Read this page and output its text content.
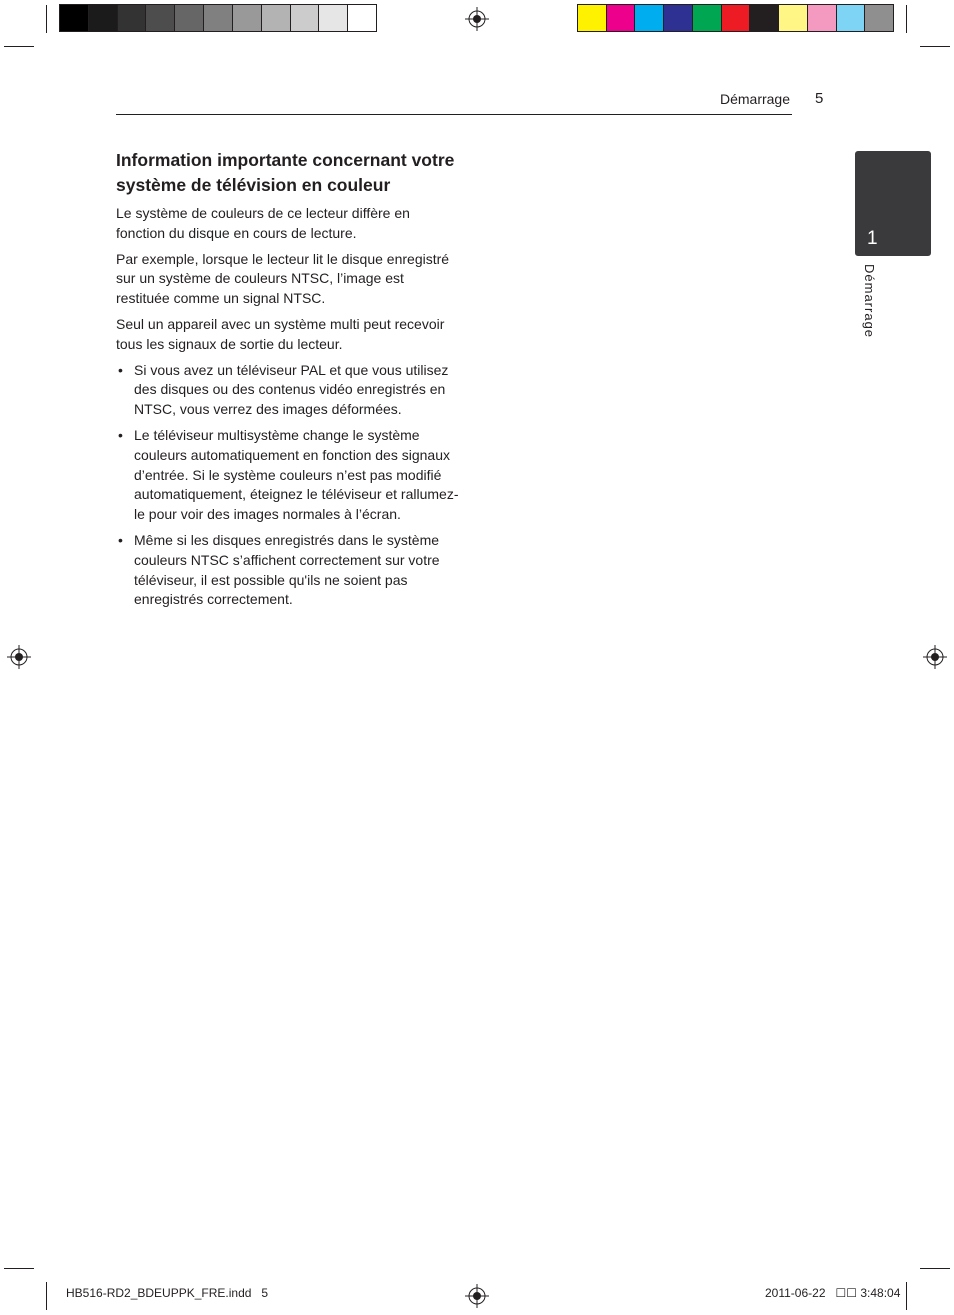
Démarrage 5
1
Démarrage
Information importante concernant votre système de télévision en couleur

Le système de couleurs de ce lecteur diffère en fonction du disque en cours de lecture.

Par exemple, lorsque le lecteur lit le disque enregistré sur un système de couleurs NTSC, l’image est restituée comme un signal NTSC.

Seul un appareil avec un système multi peut recevoir tous les signaux de sortie du lecteur.

• Si vous avez un téléviseur PAL et que vous utilisez des disques ou des contenus vidéo enregistrés en NTSC, vous verrez des images déformées.
• Le téléviseur multisystème change le système couleurs automatiquement en fonction des signaux d’entrée. Si le système couleurs n’est pas modifié automatiquement, éteignez le téléviseur et rallumez-le pour voir des images normales à l’écran.
• Même si les disques enregistrés dans le système couleurs NTSC s’affichent correctement sur votre téléviseur, il est possible qu'ils ne soient pas enregistrés correctement.
HB516-RD2_BDEUPPK_FRE.indd   5	2011-06-22   ☐☐ 3:48:04
